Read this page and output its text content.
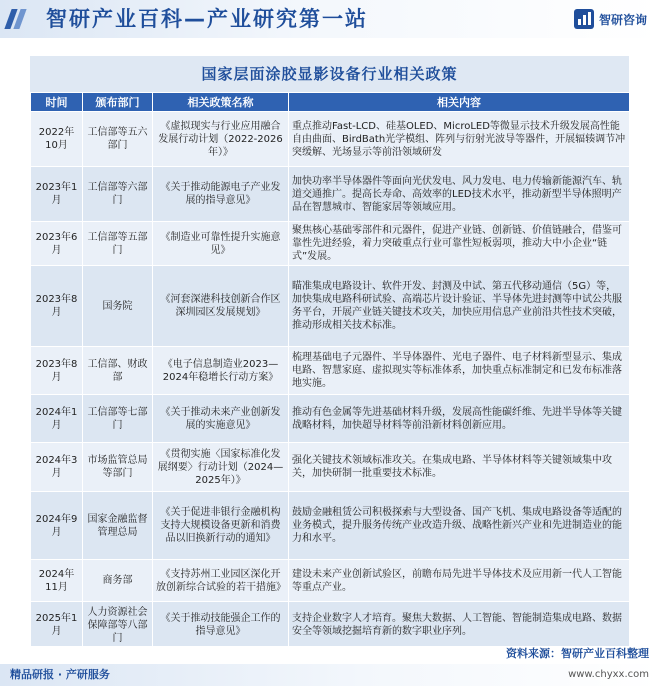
智研产业百科—产业研究第一站	智研咨询
国家层面涂胶显影设备行业相关政策
时间	颁布部门	相关政策名称	相关内容
2022年10月	工信部等五六部门	《虚拟现实与行业应用融合发展行动计划（2022-2026年）》	重点推动Fast-LCD、硅基OLED、MicroLED等微显示技术升级发展高性能自由曲面、BirdBath光学模组、阵列与衍射光波导等器件，开展辐辏调节冲突缓解、光场显示等前沿领域研发
2023年1月	工信部等六部门	《关于推动能源电子产业发展的指导意见》	加快功率半导体器件等面向光伏发电、风力发电、电力传输新能源汽车、轨道交通推广。提高长寿命、高效率的LED技术水平，推动新型半导体照明产品在智慧城市、智能家居等领域应用。
2023年6月	工信部等五部门	《制造业可靠性提升实施意见》	聚焦核心基础零部件和元器件，促进产业链、创新链、价值链融合，借鉴可靠性先进经验，着力突破重点行业可靠性短板弱项，推动大中小企业“链式”发展。
2023年8月	国务院	《河套深港科技创新合作区深圳园区发展规划》	瞄准集成电路设计、软件开发、封测及中试、第五代移动通信（5G）等，加快集成电路科研试验、高端芯片设计验证、半导体先进封测等中试公共服务平台，开展产业链关键技术攻关，加快应用信息产业前沿共性技术突破，推动形成相关技术标准。
2023年8月	工信部、财政部	《电子信息制造业2023—2024年稳增长行动方案》	梳理基础电子元器件、半导体器件、光电子器件、电子材料新型显示、集成电路、智慧家庭、虚拟现实等标准体系，加快重点标准制定和已发布标准落地实施。
2024年1月	工信部等七部门	《关于推动未来产业创新发展的实施意见》	推动有色金属等先进基础材料升级，发展高性能碳纤维、先进半导体等关键战略材料，加快超导材料等前沿新材料创新应用。
2024年3月	市场监管总局等部门	《贯彻实施〈国家标准化发展纲要〉行动计划（2024—2025年）》	强化关键技术领域标准攻关。在集成电路、半导体材料等关键领域集中攻关，加快研制一批重要技术标准。
2024年9月	国家金融监督管理总局	《关于促进非银行金融机构支持大规模设备更新和消费品以旧换新行动的通知》	鼓励金融租赁公司积极探索与大型设备、国产飞机、集成电路设备等适配的业务模式，提升服务传统产业改造升级、战略性新兴产业和先进制造业的能力和水平。
2024年11月	商务部	《支持苏州工业园区深化开放创新综合试验的若干措施》	建设未来产业创新试验区，前瞻布局先进半导体技术及应用新一代人工智能等重点产业。
2025年1月	人力资源社会保障部等八部门	《关于推动技能强企工作的指导意见》	支持企业数字人才培育。聚焦大数据、人工智能、智能制造集成电路、数据安全等领域挖掘培育新的数字职业序列。
资料来源：智研产业百科整理
精品研报 · 产研服务	www.chyxx.com
